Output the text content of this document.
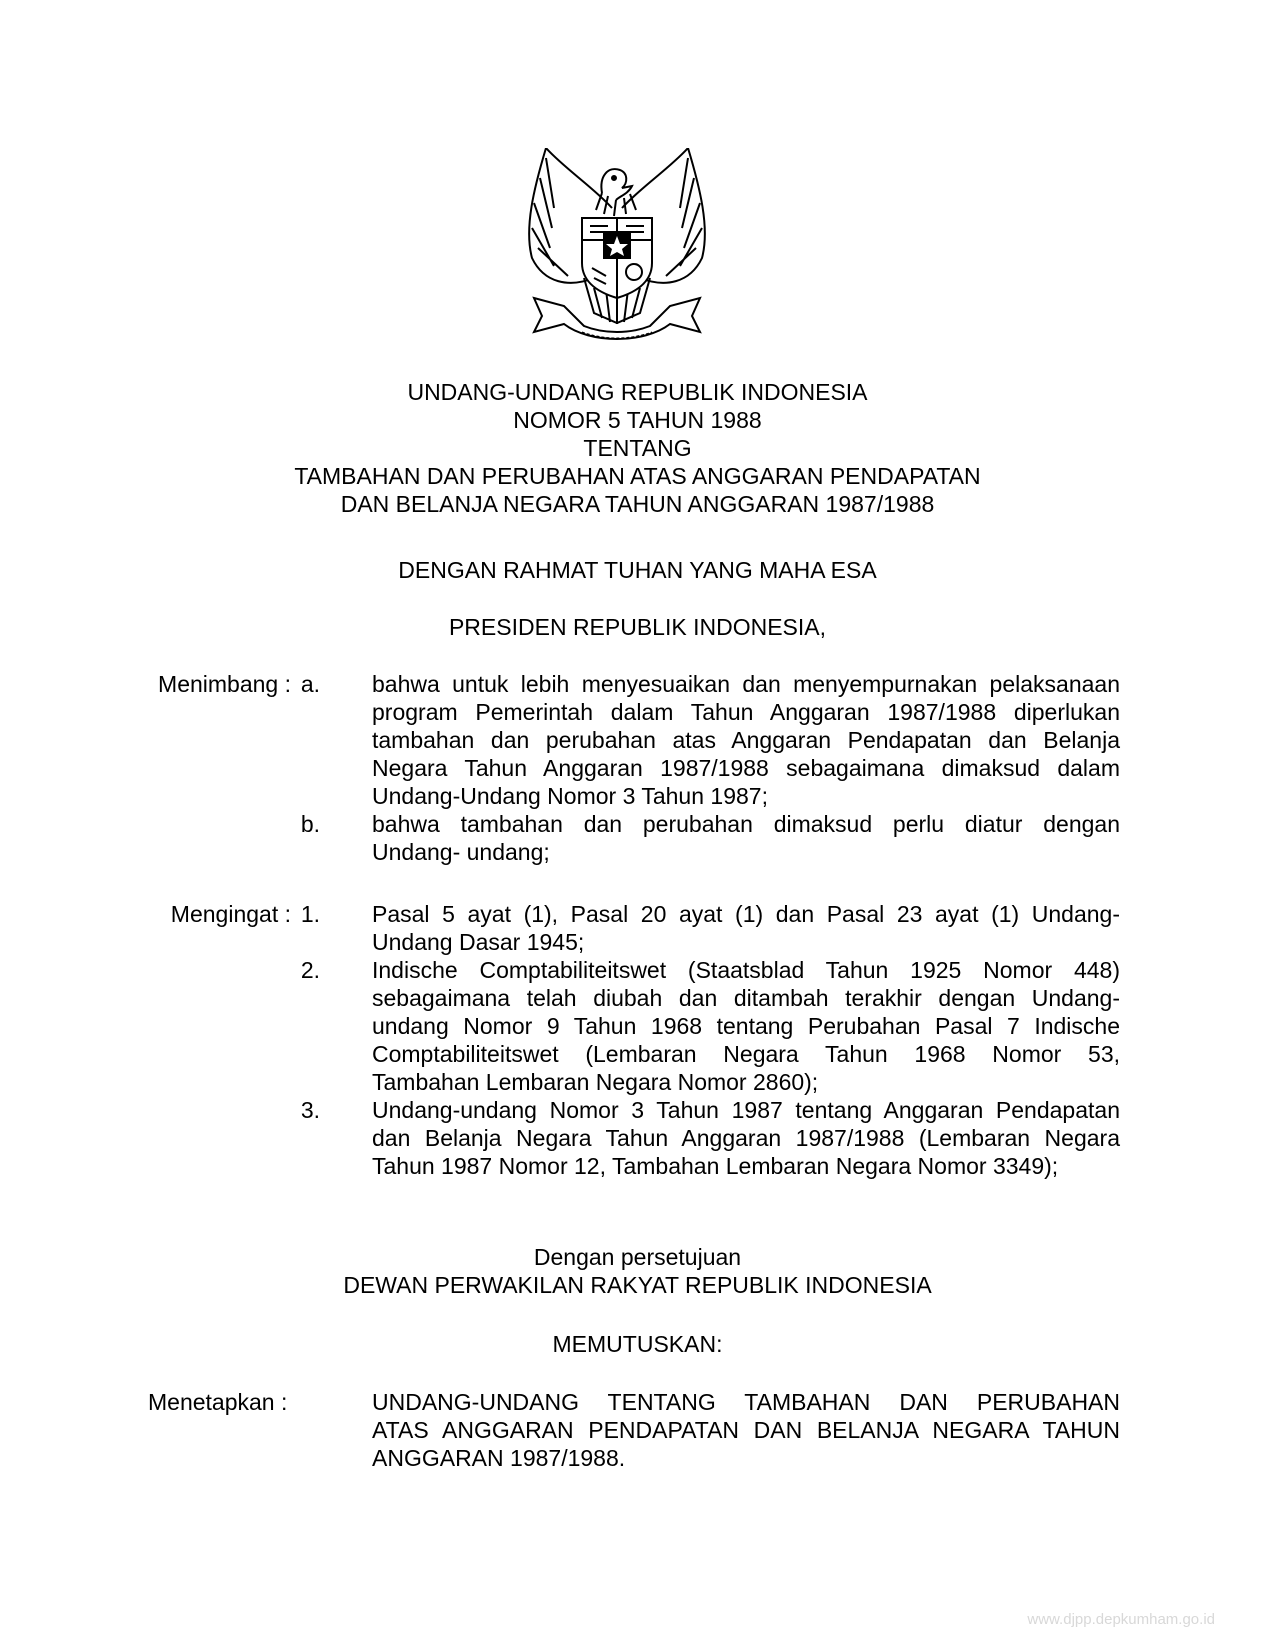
UNDANG-UNDANG REPUBLIK INDONESIA
NOMOR 5 TAHUN 1988
TENTANG
TAMBAHAN DAN PERUBAHAN ATAS ANGGARAN PENDAPATAN
DAN BELANJA NEGARA TAHUN ANGGARAN 1987/1988
DENGAN RAHMAT TUHAN YANG MAHA ESA
PRESIDEN REPUBLIK INDONESIA,
Menimbang : a. bahwa untuk lebih menyesuaikan dan menyempurnakan pelaksanaan
program Pemerintah dalam Tahun Anggaran 1987/1988 diperlukan
tambahan dan perubahan atas Anggaran Pendapatan dan Belanja
Negara Tahun Anggaran 1987/1988 sebagaimana dimaksud dalam
Undang-Undang Nomor 3 Tahun 1987;
b. bahwa tambahan dan perubahan dimaksud perlu diatur dengan
Undang- undang;
Mengingat : 1. Pasal 5 ayat (1), Pasal 20 ayat (1) dan Pasal 23 ayat (1) Undang-
Undang Dasar 1945;
2. Indische Comptabiliteitswet (Staatsblad Tahun 1925 Nomor 448)
sebagaimana telah diubah dan ditambah terakhir dengan Undang-
undang Nomor 9 Tahun 1968 tentang Perubahan Pasal 7 Indische
Comptabiliteitswet (Lembaran Negara Tahun 1968 Nomor 53,
Tambahan Lembaran Negara Nomor 2860);
3. Undang-undang Nomor 3 Tahun 1987 tentang Anggaran Pendapatan
dan Belanja Negara Tahun Anggaran 1987/1988 (Lembaran Negara
Tahun 1987 Nomor 12, Tambahan Lembaran Negara Nomor 3349);
Dengan persetujuan
DEWAN PERWAKILAN RAKYAT REPUBLIK INDONESIA
MEMUTUSKAN:
Menetapkan :	UNDANG-UNDANG TENTANG TAMBAHAN DAN PERUBAHAN
ATAS ANGGARAN PENDAPATAN DAN BELANJA NEGARA TAHUN
ANGGARAN 1987/1988.
www.djpp.depkumham.go.id
